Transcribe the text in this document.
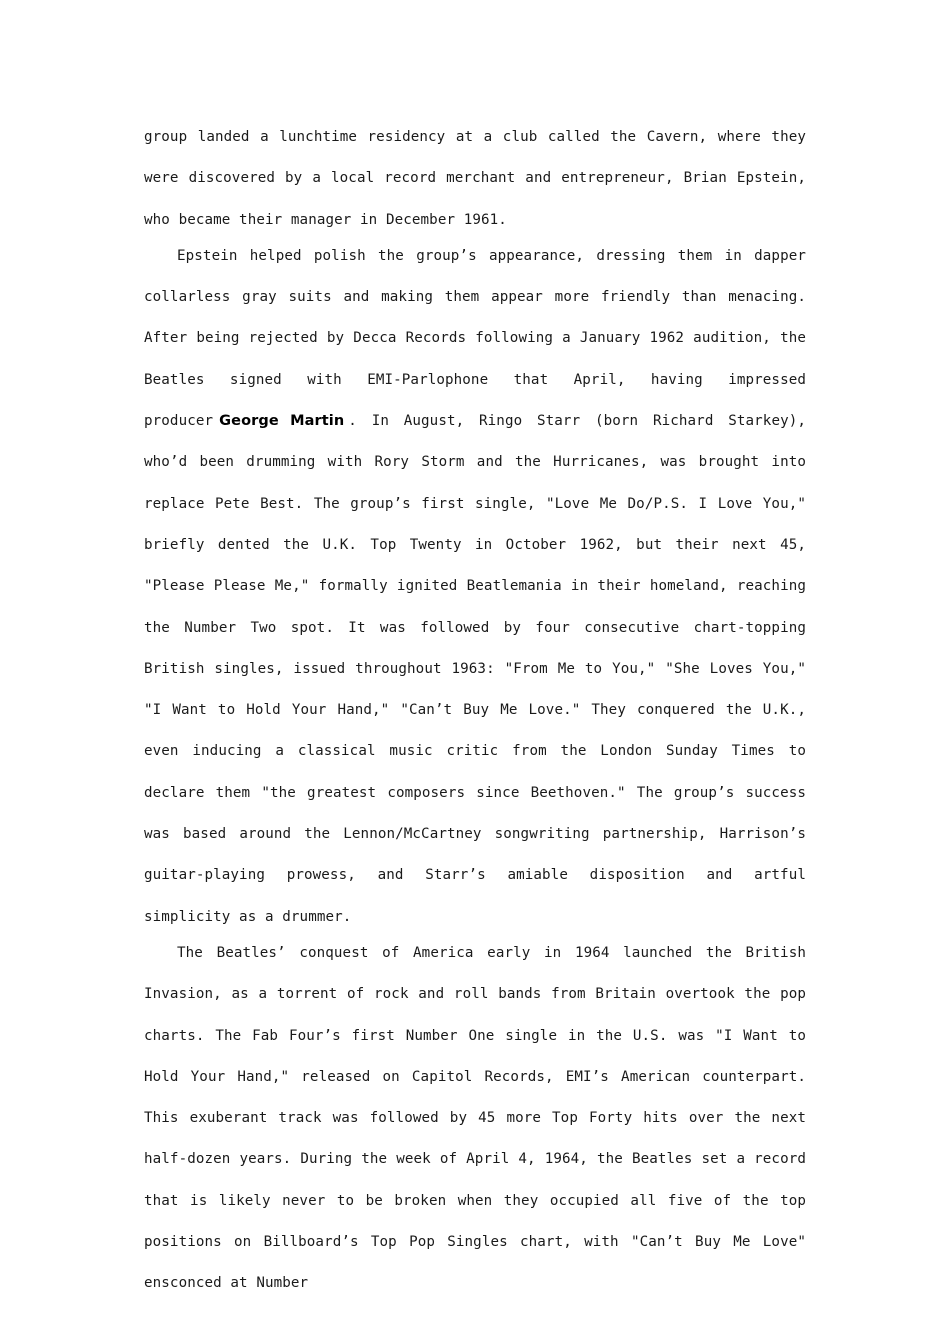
group landed a lunchtime residency at a club called the Cavern, where they were discovered by a local record merchant and entrepreneur, Brian Epstein, who became their manager in December 1961.

Epstein helped polish the group’s appearance, dressing them in dapper collarless gray suits and making them appear more friendly than menacing. After being rejected by Decca Records following a January 1962 audition, the Beatles signed with EMI-Parlophone that April, having impressed producer George Martin . In August, Ringo Starr (born Richard Starkey), who’d been drumming with Rory Storm and the Hurricanes, was brought into replace Pete Best. The group’s first single, "Love Me Do/P.S. I Love You," briefly dented the U.K. Top Twenty in October 1962, but their next 45, "Please Please Me," formally ignited Beatlemania in their homeland, reaching the Number Two spot. It was followed by four consecutive chart-topping British singles, issued throughout 1963: "From Me to You," "She Loves You," "I Want to Hold Your Hand," "Can’t Buy Me Love." They conquered the U.K., even inducing a classical music critic from the London Sunday Times to declare them "the greatest composers since Beethoven." The group’s success was based around the Lennon/McCartney songwriting partnership, Harrison’s guitar-playing prowess, and Starr’s amiable disposition and artful simplicity as a drummer.

The Beatles’ conquest of America early in 1964 launched the British Invasion, as a torrent of rock and roll bands from Britain overtook the pop charts. The Fab Four’s first Number One single in the U.S. was "I Want to Hold Your Hand," released on Capitol Records, EMI’s American counterpart. This exuberant track was followed by 45 more Top Forty hits over the next half-dozen years. During the week of April 4, 1964, the Beatles set a record that is likely never to be broken when they occupied all five of the top positions on Billboard’s Top Pop Singles chart, with "Can’t Buy Me Love" ensconced at Number
